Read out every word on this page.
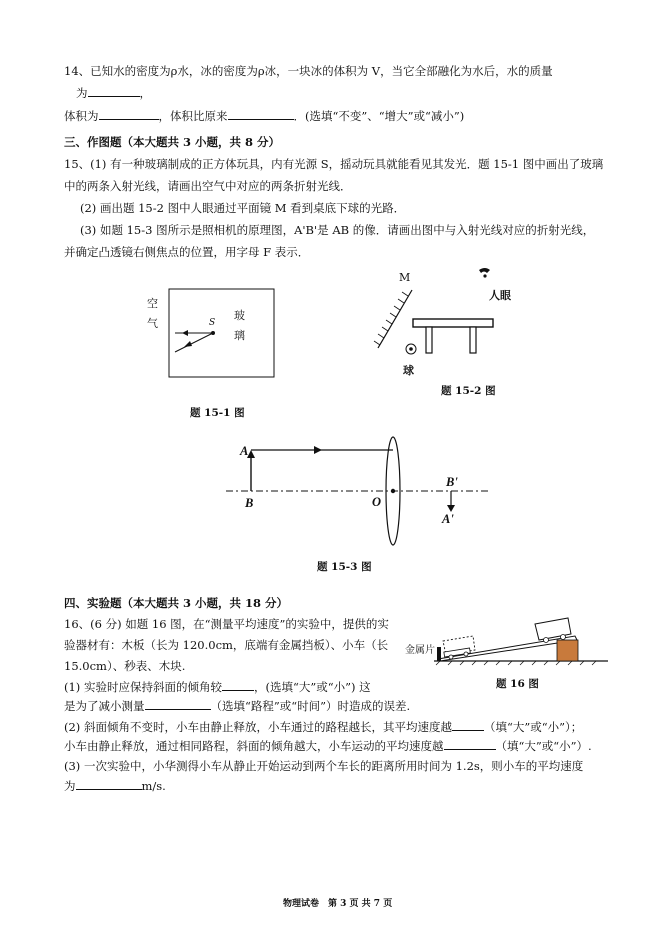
14、已知水的密度为ρ水，冰的密度为ρ冰，一块冰的体积为 V，当它全部融化为水后，水的质量
为	，
体积为	，体积比原来	．(选填“不变”、“增大”或“减小”)
三、作图题（本大题共 3 小题，共 8 分）
15、(1) 有一种玻璃制成的正方体玩具，内有光源 S，摇动玩具就能看见其发光．题 15-1 图中画出了玻璃
中的两条入射光线，请画出空气中对应的两条折射光线．
(2) 画出题 15-2 图中人眼通过平面镜 M 看到桌底下球的光路．
(3) 如题 15-3 图所示是照相机的原理图，A'B'是 AB 的像．请画出图中与入射光线对应的折射光线，
并确定凸透镜右侧焦点的位置，用字母 F 表示．
空气
玻璃
S
题 15-1 图
M
人眼
球
题 15-2 图
A
B	O
B'
A'
题 15-3 图
四、实验题（本大题共 3 小题，共 18 分）
16、(6 分) 如题 16 图，在“测量平均速度”的实验中，提供的实
验器材有：木板（长为 120.0cm，底端有金属挡板）、小车（长
15.0cm）、秒表、木块.
(1) 实验时应保持斜面的倾角较	，(选填“大”或“小”) 这
是为了减小测量	（选填“路程”或“时间”）时造成的误差.
(2) 斜面倾角不变时，小车由静止释放，小车通过的路程越长，其平均速度越	（填“大”或“小”）；
小车由静止释放，通过相同路程，斜面的倾角越大，小车运动的平均速度越	（填“大”或“小”）.
(3) 一次实验中，小华测得小车从静止开始运动到两个车长的距离所用时间为 1.2s，则小车的平均速度
为	m/s.
金属片
题 16 图
物理试卷　第 3 页 共 7 页
